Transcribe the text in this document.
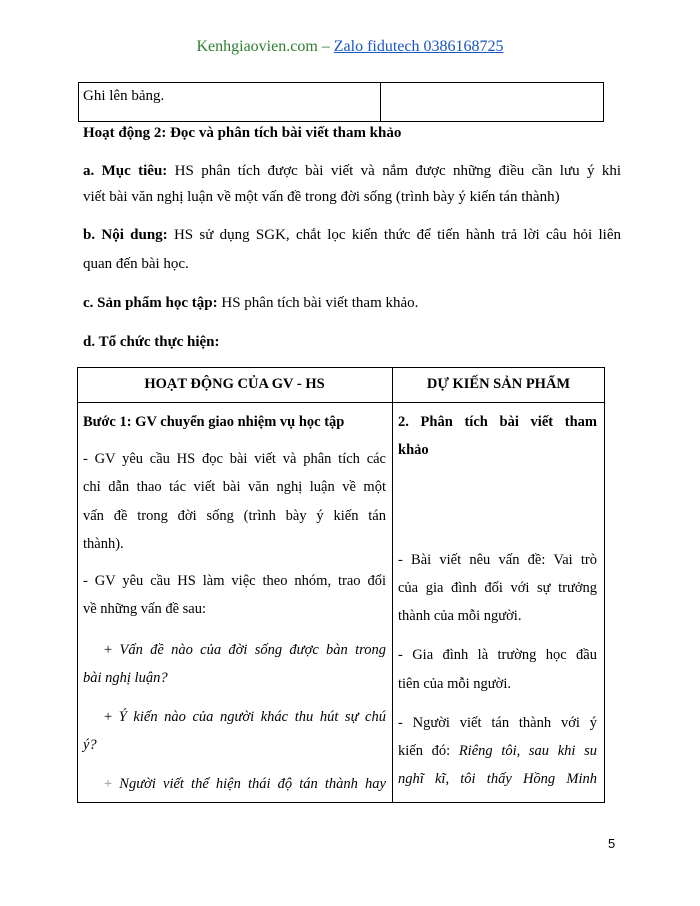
Kenhgiaovien.com – Zalo fidutech 0386168725
Ghi lên bảng.
Hoạt động 2: Đọc và phân tích bài viết tham khảo
a. Mục tiêu: HS phân tích được bài viết và nắm được những điều cần lưu ý khi
viết bài văn nghị luận về một vấn đề trong đời sống (trình bày ý kiến tán thành)
b. Nội dung: HS sử dụng SGK, chắt lọc kiến thức để tiến hành trả lời câu hỏi liên
quan đến bài học.
c. Sản phẩm học tập: HS phân tích bài viết tham khảo.
d. Tổ chức thực hiện:
HOẠT ĐỘNG CỦA GV - HS	DỰ KIẾN SẢN PHẨM
Bước 1: GV chuyển giao nhiệm vụ học tập
- GV yêu cầu HS đọc bài viết và phân tích các
chỉ dẫn thao tác viết bài văn nghị luận về một
vấn đề trong đời sống (trình bày ý kiến tán
thành).
- GV yêu cầu HS làm việc theo nhóm, trao đổi
về những vấn đề sau:
+ Vấn đề nào của đời sống được bàn trong
bài nghị luận?
+ Ý kiến nào của người khác thu hút sự chú
ý?
+ Người viết thể hiện thái độ tán thành hay
2. Phân tích bài viết tham
khảo
- Bài viết nêu vấn đề: Vai trò
của gia đình đối với sự trưởng
thành của mỗi người.
- Gia đình là trường học đầu
tiên của mỗi người.
- Người viết tán thành với ý
kiến đó: Riêng tôi, sau khi su
nghĩ kĩ, tôi thấy Hồng Minh
5
